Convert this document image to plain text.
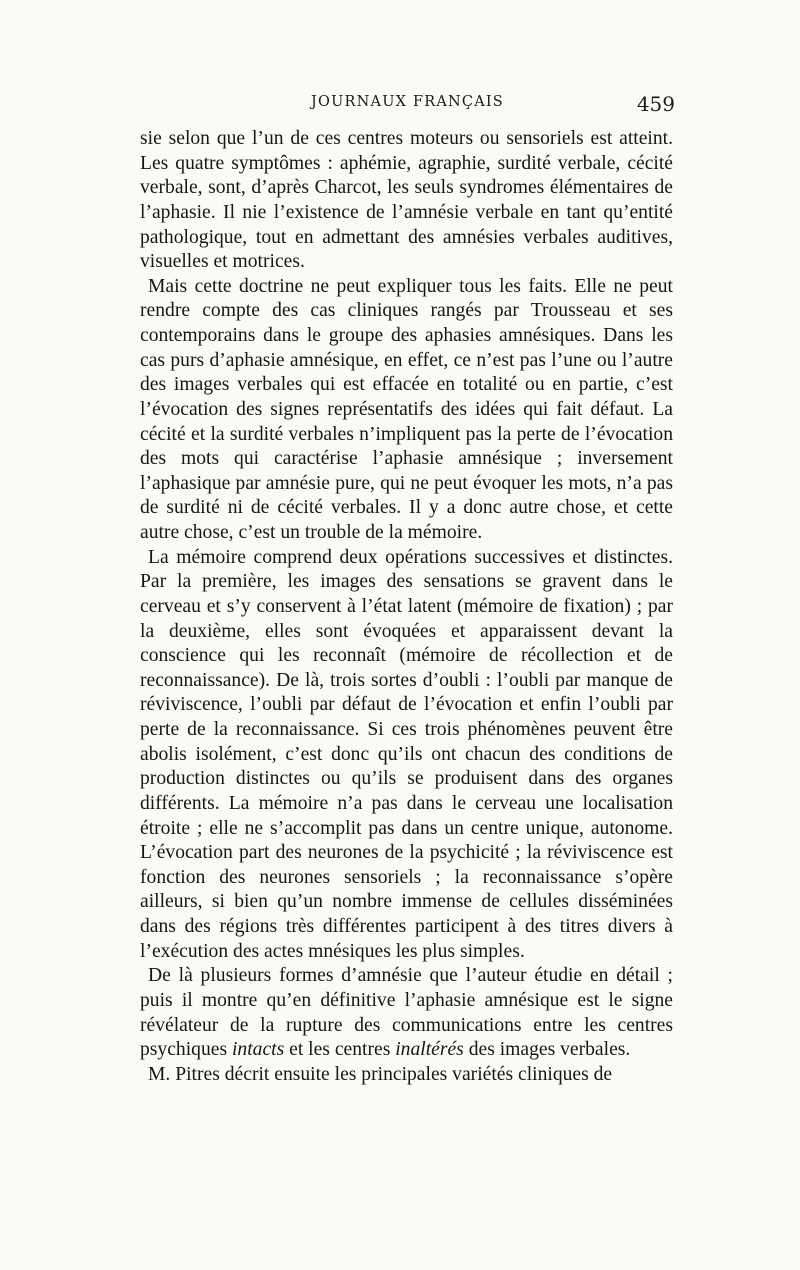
JOURNAUX FRANÇAIS	459

sie selon que l’un de ces centres moteurs ou sensoriels est atteint. Les quatre symptômes : aphémie, agraphie, surdité verbale, cécité verbale, sont, d’après Charcot, les seuls syndromes élémentaires de l’aphasie. Il nie l’existence de l’amnésie verbale en tant qu’entité pathologique, tout en admettant des amnésies verbales auditives, visuelles et motrices.

Mais cette doctrine ne peut expliquer tous les faits. Elle ne peut rendre compte des cas cliniques rangés par Trousseau et ses contemporains dans le groupe des aphasies amnésiques. Dans les cas purs d’aphasie amnésique, en effet, ce n’est pas l’une ou l’autre des images verbales qui est effacée en totalité ou en partie, c’est l’évocation des signes représentatifs des idées qui fait défaut. La cécité et la surdité verbales n’impliquent pas la perte de l’évocation des mots qui caractérise l’aphasie amnésique ; inversement l’aphasique par amnésie pure, qui ne peut évoquer les mots, n’a pas de surdité ni de cécité verbales. Il y a donc autre chose, et cette autre chose, c’est un trouble de la mémoire.

La mémoire comprend deux opérations successives et distinctes. Par la première, les images des sensations se gravent dans le cerveau et s’y conservent à l’état latent (mémoire de fixation) ; par la deuxième, elles sont évoquées et apparaissent devant la conscience qui les reconnaît (mémoire de récollection et de reconnaissance). De là, trois sortes d’oubli : l’oubli par manque de réviviscence, l’oubli par défaut de l’évocation et enfin l’oubli par perte de la reconnaissance. Si ces trois phénomènes peuvent être abolis isolément, c’est donc qu’ils ont chacun des conditions de production distinctes ou qu’ils se produisent dans des organes différents. La mémoire n’a pas dans le cerveau une localisation étroite ; elle ne s’accomplit pas dans un centre unique, autonome. L’évocation part des neurones de la psychicité ; la réviviscence est fonction des neurones sensoriels ; la reconnaissance s’opère ailleurs, si bien qu’un nombre immense de cellules disséminées dans des régions très différentes participent à des titres divers à l’exécution des actes mnésiques les plus simples.

De là plusieurs formes d’amnésie que l’auteur étudie en détail ; puis il montre qu’en définitive l’aphasie amnésique est le signe révélateur de la rupture des communications entre les centres psychiques intacts et les centres inaltérés des images verbales.

M. Pitres décrit ensuite les principales variétés cliniques de
